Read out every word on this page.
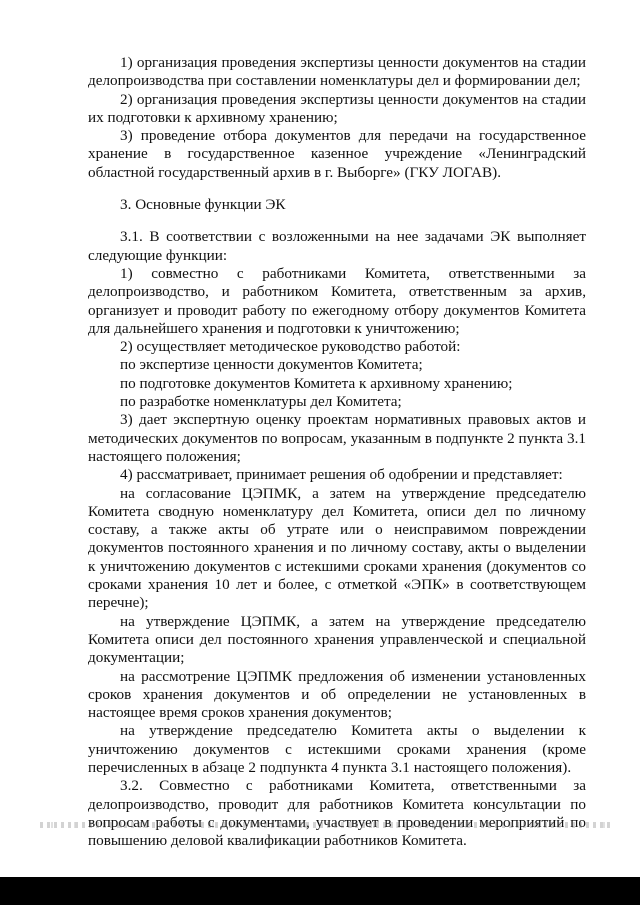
1) организация проведения экспертизы ценности документов на стадии делопроизводства при составлении номенклатуры дел и формировании дел;

2) организация проведения экспертизы ценности документов на стадии их подготовки к архивному хранению;

3) проведение отбора документов для передачи на государственное хранение в государственное казенное учреждение «Ленинградский областной государственный архив в г. Выборге» (ГКУ ЛОГАВ).

3. Основные функции ЭК

3.1. В соответствии с возложенными на нее задачами ЭК выполняет следующие функции:

1) совместно с работниками Комитета, ответственными за делопроизводство, и работником Комитета, ответственным за архив, организует и проводит работу по ежегодному отбору документов Комитета для дальнейшего хранения и подготовки к уничтожению;

2) осуществляет методическое руководство работой:

по экспертизе ценности документов Комитета;

по подготовке документов Комитета к архивному хранению;

по разработке номенклатуры дел Комитета;

3) дает экспертную оценку проектам нормативных правовых актов и методических документов по вопросам, указанным в подпункте 2 пункта 3.1 настоящего положения;

4) рассматривает, принимает решения об одобрении и представляет:

на согласование ЦЭПМК, а затем на утверждение председателю Комитета сводную номенклатуру дел Комитета, описи дел по личному составу, а также акты об утрате или о неисправимом повреждении документов постоянного хранения и по личному составу, акты о выделении к уничтожению документов с истекшими сроками хранения (документов со сроками хранения 10 лет и более, с отметкой «ЭПК» в соответствующем перечне);

на утверждение ЦЭПМК, а затем на утверждение председателю Комитета описи дел постоянного хранения управленческой и специальной документации;

на рассмотрение ЦЭПМК предложения об изменении установленных сроков хранения документов и об определении не установленных в настоящее время сроков хранения документов;

на утверждение председателю Комитета акты о выделении к уничтожению документов с истекшими сроками хранения (кроме перечисленных в абзаце 2 подпункта 4 пункта 3.1 настоящего положения).

3.2. Совместно с работниками Комитета, ответственными за делопроизводство, проводит для работников Комитета консультации по вопросам работы с документами, участвует в проведении мероприятий по повышению деловой квалификации работников Комитета.
